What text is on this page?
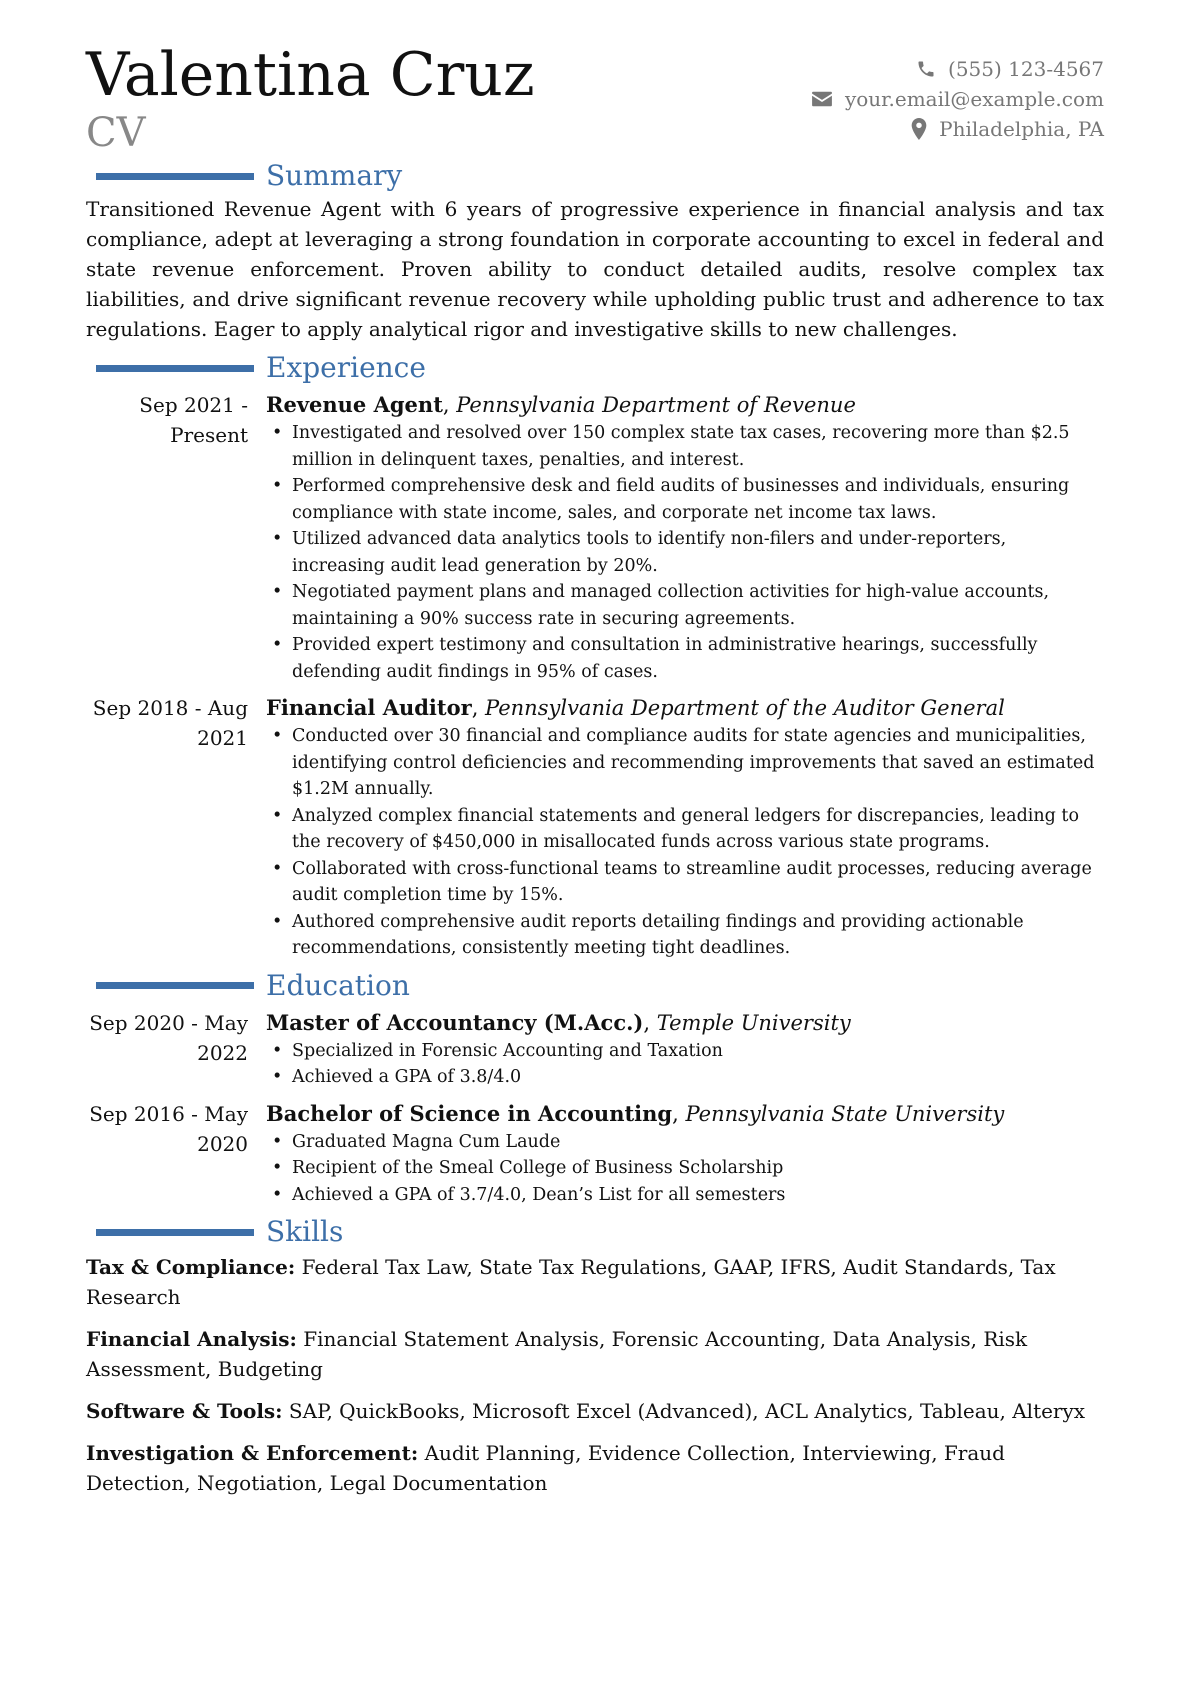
Valentina Cruz
CV
(555) 123-4567
your.email@example.com
Philadelphia, PA
Summary

Transitioned Revenue Agent with 6 years of progressive experience in financial analysis and tax compliance, adept at leveraging a strong foundation in corporate accounting to excel in federal and state revenue enforcement. Proven ability to conduct detailed audits, resolve complex tax liabilities, and drive significant revenue recovery while upholding public trust and adherence to tax regulations. Eager to apply analytical rigor and investigative skills to new challenges.

Experience
Sep 2021 - Present
Revenue Agent, Pennsylvania Department of Revenue
• Investigated and resolved over 150 complex state tax cases, recovering more than $2.5 million in delinquent taxes, penalties, and interest.
• Performed comprehensive desk and field audits of businesses and individuals, ensuring compliance with state income, sales, and corporate net income tax laws.
• Utilized advanced data analytics tools to identify non-filers and under-reporters, increasing audit lead generation by 20%.
• Negotiated payment plans and managed collection activities for high-value accounts, maintaining a 90% success rate in securing agreements.
• Provided expert testimony and consultation in administrative hearings, successfully defending audit findings in 95% of cases.
Sep 2018 - Aug 2021
Financial Auditor, Pennsylvania Department of the Auditor General
• Conducted over 30 financial and compliance audits for state agencies and municipalities, identifying control deficiencies and recommending improvements that saved an estimated $1.2M annually.
• Analyzed complex financial statements and general ledgers for discrepancies, leading to the recovery of $450,000 in misallocated funds across various state programs.
• Collaborated with cross-functional teams to streamline audit processes, reducing average audit completion time by 15%.
• Authored comprehensive audit reports detailing findings and providing actionable recommendations, consistently meeting tight deadlines.
Education
Sep 2020 - May 2022
Master of Accountancy (M.Acc.), Temple University
• Specialized in Forensic Accounting and Taxation
• Achieved a GPA of 3.8/4.0
Sep 2016 - May 2020
Bachelor of Science in Accounting, Pennsylvania State University
• Graduated Magna Cum Laude
• Recipient of the Smeal College of Business Scholarship
• Achieved a GPA of 3.7/4.0, Dean’s List for all semesters
Skills
Tax & Compliance: Federal Tax Law, State Tax Regulations, GAAP, IFRS, Audit Standards, Tax Research
Financial Analysis: Financial Statement Analysis, Forensic Accounting, Data Analysis, Risk Assessment, Budgeting
Software & Tools: SAP, QuickBooks, Microsoft Excel (Advanced), ACL Analytics, Tableau, Alteryx
Investigation & Enforcement: Audit Planning, Evidence Collection, Interviewing, Fraud Detection, Negotiation, Legal Documentation
